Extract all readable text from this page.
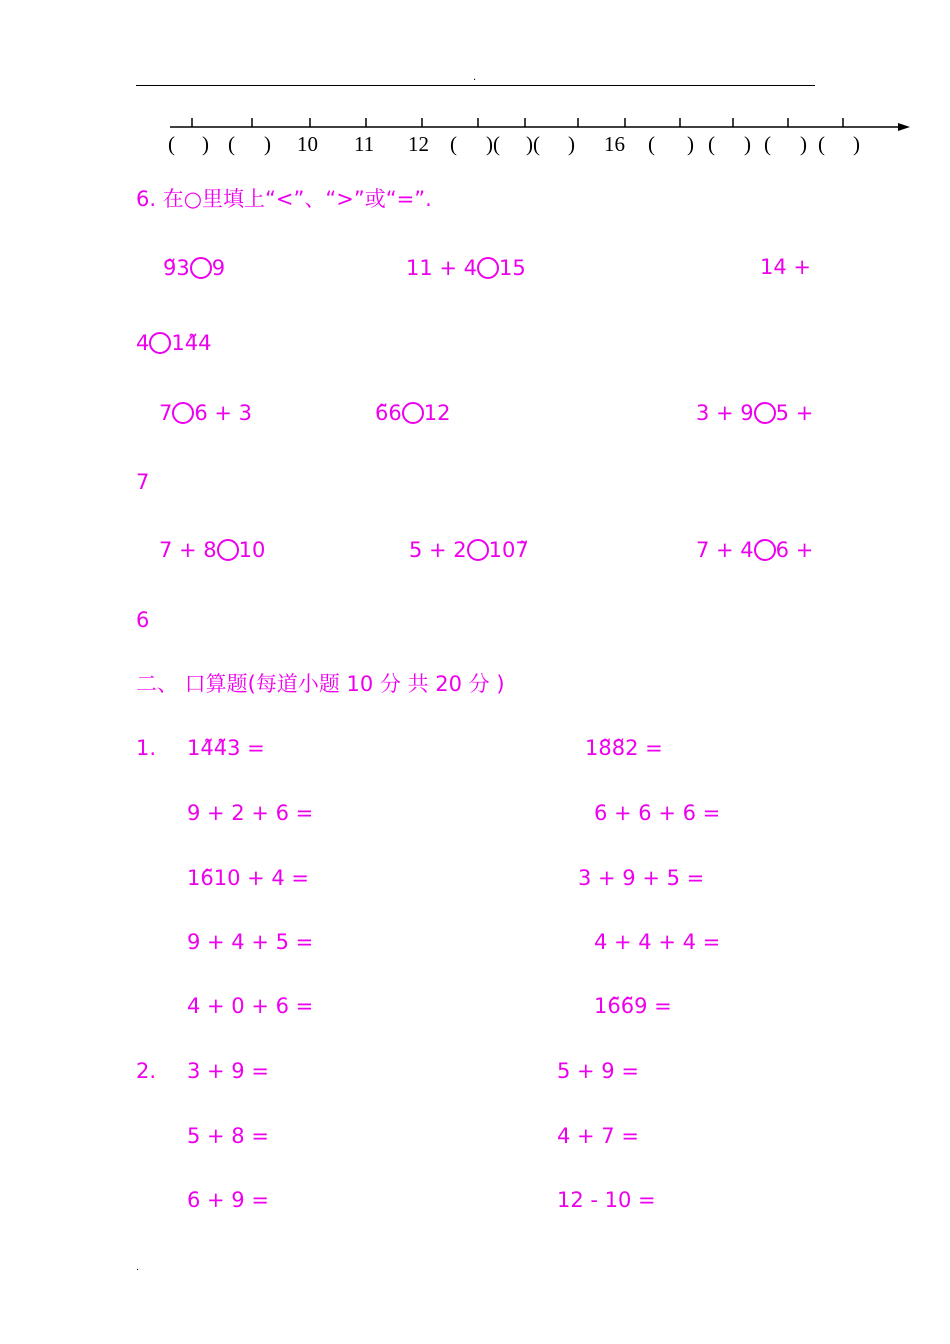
.
( ) ( ) 10 11 12 ( )( )( ) 16 ( ) ( ) ( ) ( )
6. 在○里填上“<”、“>”或“=”.
9̃3 9	11 + 4 15	14 +
4 14̃4
7 6 + 3	6̃6 12	3 + 9 5 +
7
7 + 8 10	5 + 2 107̃	7 + 4 6 +
6
二、 口算题(每道小题 10 分 共 20 分 )
1. 14̃4̃3 =	18̃8̃2 =
9 + 2 + 6 =	6 + 6 + 6 =
16̃10 + 4 =	3 + 9 + 5 =
9 + 4 + 5 =	4 + 4 + 4 =
4 + 0 + 6 =	16̃6̃9 =
2. 3 + 9 =	5 + 9 =
5 + 8 =	4 + 7 =
6 + 9 =	12 - 10 =
.
